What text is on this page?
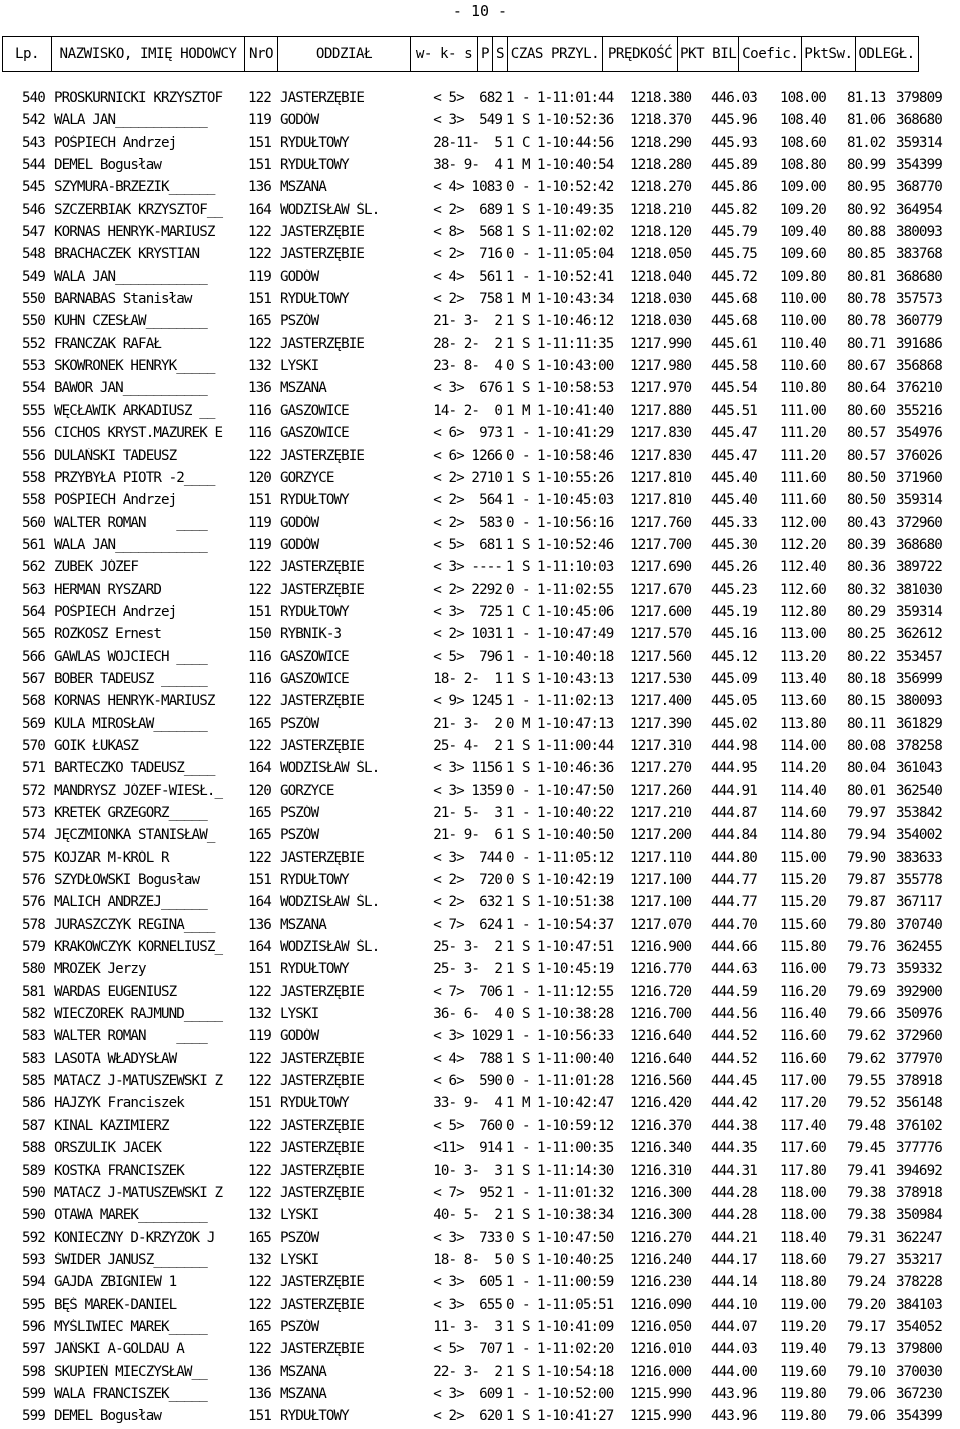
- 10 -
Lp.	NAZWISKO, IMIĘ HODOWCY	NrO	ODDZIAŁ	w- k- s	P	S	CZAS PRZYL.	PRĘDKOŚĆ	PKT BIL	Coefic.	PktSw.	ODLEGŁ.
540 PROSKURNICKI KRZYSZTOF	122 JASTERZĘBIE	< 5>  682 1 - 1-11:01:44 1218.380 446.03 108.00 81.13 379809
542 WALA JAN____________	119 GODÓW	< 3>  549 1 S 1-10:52:36 1218.370 445.96 108.40 81.06 368680
543 POŚPIECH Andrzej	151 RYDUŁTOWY	28-11-  5 1 C 1-10:44:56 1218.290 445.93 108.60 81.02 359314
544 DEMEL Bogusław	151 RYDUŁTOWY	38- 9-  4 1 M 1-10:40:54 1218.280 445.89 108.80 80.99 354399
545 SZYMURA-BRZEZIK______	136 MSZANA	< 4> 1083 0 - 1-10:52:42 1218.270 445.86 109.00 80.95 368770
546 SZCZERBIAK KRZYSZTOF__	164 WODZISŁAW ŚL.	< 2>  689 1 S 1-10:49:35 1218.210 445.82 109.20 80.92 364954
547 KORNAS HENRYK-MARIUSZ	122 JASTERZĘBIE	< 8>  568 1 S 1-11:02:02 1218.120 445.79 109.40 80.88 380093
548 BRACHACZEK KRYSTIAN	122 JASTERZĘBIE	< 2>  716 0 - 1-11:05:04 1218.050 445.75 109.60 80.85 383768
549 WALA JAN____________	119 GODÓW	< 4>  561 1 - 1-10:52:41 1218.040 445.72 109.80 80.81 368680
550 BARNABAS Stanisław	151 RYDUŁTOWY	< 2>  758 1 M 1-10:43:34 1218.030 445.68 110.00 80.78 357573
550 KUHN CZESŁAW________	165 PSZÓW	21- 3-  2 1 S 1-10:46:12 1218.030 445.68 110.00 80.78 360779
552 FRANCZAK RAFAŁ	122 JASTERZĘBIE	28- 2-  2 1 S 1-11:11:35 1217.990 445.61 110.40 80.71 391686
553 SKOWRONEK HENRYK_____	132 LYSKI	23- 8-  4 0 S 1-10:43:00 1217.980 445.58 110.60 80.67 356868
554 BAWOR JAN___________	136 MSZANA	< 3>  676 1 S 1-10:58:53 1217.970 445.54 110.80 80.64 376210
555 WĘCŁAWIK ARKADIUSZ __	116 GASZOWICE	14- 2-  0 1 M 1-10:41:40 1217.880 445.51 111.00 80.60 355216
556 CICHOS KRYST.MAZUREK E	116 GASZOWICE	< 6>  973 1 - 1-10:41:29 1217.830 445.47 111.20 80.57 354976
556 DULAŃSKI TADEUSZ	122 JASTERZĘBIE	< 6> 1266 0 - 1-10:58:46 1217.830 445.47 111.20 80.57 376026
558 PRZYBYŁA PIOTR -2____	120 GORZYCE	< 2> 2710 1 S 1-10:55:26 1217.810 445.40 111.60 80.50 371960
558 POŚPIECH Andrzej	151 RYDUŁTOWY	< 2>  564 1 - 1-10:45:03 1217.810 445.40 111.60 80.50 359314
560 WALTER ROMAN    ____	119 GODÓW	< 2>  583 0 - 1-10:56:16 1217.760 445.33 112.00 80.43 372960
561 WALA JAN____________	119 GODÓW	< 5>  681 1 S 1-10:52:46 1217.700 445.30 112.20 80.39 368680
562 ZUBEK JÓZEF	122 JASTERZĘBIE	< 3> ---- 1 S 1-11:10:03 1217.690 445.26 112.40 80.36 389722
563 HERMAN RYSZARD	122 JASTERZĘBIE	< 2> 2292 0 - 1-11:02:55 1217.670 445.23 112.60 80.32 381030
564 POŚPIECH Andrzej	151 RYDUŁTOWY	< 3>  725 1 C 1-10:45:06 1217.600 445.19 112.80 80.29 359314
565 ROZKOSZ Ernest	150 RYBNIK-3	< 2> 1031 1 - 1-10:47:49 1217.570 445.16 113.00 80.25 362612
566 GAWLAS WOJCIECH ____	116 GASZOWICE	< 5>  796 1 - 1-10:40:18 1217.560 445.12 113.20 80.22 353457
567 BOBER TADEUSZ ______	116 GASZOWICE	18- 2-  1 1 S 1-10:43:13 1217.530 445.09 113.40 80.18 356999
568 KORNAS HENRYK-MARIUSZ	122 JASTERZĘBIE	< 9> 1245 1 - 1-11:02:13 1217.400 445.05 113.60 80.15 380093
569 KULA MIROSŁAW_______	165 PSZÓW	21- 3-  2 0 M 1-10:47:13 1217.390 445.02 113.80 80.11 361829
570 GOIK ŁUKASZ	122 JASTERZĘBIE	25- 4-  2 1 S 1-11:00:44 1217.310 444.98 114.00 80.08 378258
571 BARTECZKO TADEUSZ____	164 WODZISŁAW ŚL.	< 3> 1156 1 S 1-10:46:36 1217.270 444.95 114.20 80.04 361043
572 MANDRYSZ JÓZEF-WIESŁ._	120 GORZYCE	< 3> 1359 0 - 1-10:47:50 1217.260 444.91 114.40 80.01 362540
573 KRETEK GRZEGORZ_____	165 PSZÓW	21- 5-  3 1 - 1-10:40:22 1217.210 444.87 114.60 79.97 353842
574 JĘCZMIONKA STANISŁAW_	165 PSZÓW	21- 9-  6 1 S 1-10:40:50 1217.200 444.84 114.80 79.94 354002
575 KOJZAR M-KRÓL R	122 JASTERZĘBIE	< 3>  744 0 - 1-11:05:12 1217.110 444.80 115.00 79.90 383633
576 SZYDŁOWSKI Bogusław	151 RYDUŁTOWY	< 2>  720 0 S 1-10:42:19 1217.100 444.77 115.20 79.87 355778
576 MALICH ANDRZEJ______	164 WODZISŁAW ŚL.	< 2>  632 1 S 1-10:51:38 1217.100 444.77 115.20 79.87 367117
578 JURASZCZYK REGINA____	136 MSZANA	< 7>  624 1 - 1-10:54:37 1217.070 444.70 115.60 79.80 370740
579 KRAKOWCZYK KORNELIUSZ_	164 WODZISŁAW ŚL.	25- 3-  2 1 S 1-10:47:51 1216.900 444.66 115.80 79.76 362455
580 MROZEK Jerzy	151 RYDUŁTOWY	25- 3-  2 1 S 1-10:45:19 1216.770 444.63 116.00 79.73 359332
581 WARDAS EUGENIUSZ	122 JASTERZĘBIE	< 7>  706 1 - 1-11:12:55 1216.720 444.59 116.20 79.69 392900
582 WIECZOREK RAJMUND_____	132 LYSKI	36- 6-  4 0 S 1-10:38:28 1216.700 444.56 116.40 79.66 350976
583 WALTER ROMAN    ____	119 GODÓW	< 3> 1029 1 - 1-10:56:33 1216.640 444.52 116.60 79.62 372960
583 LASOTA WŁADYSŁAW	122 JASTERZĘBIE	< 4>  788 1 S 1-11:00:40 1216.640 444.52 116.60 79.62 377970
585 MATACZ J-MATUSZEWSKI Z	122 JASTERZĘBIE	< 6>  590 0 - 1-11:01:28 1216.560 444.45 117.00 79.55 378918
586 HAJZYK Franciszek	151 RYDUŁTOWY	33- 9-  4 1 M 1-10:42:47 1216.420 444.42 117.20 79.52 356148
587 KINAL KAZIMIERZ	122 JASTERZĘBIE	< 5>  760 0 - 1-10:59:12 1216.370 444.38 117.40 79.48 376102
588 ORSZULIK JACEK	122 JASTERZĘBIE	<11>  914 1 - 1-11:00:35 1216.340 444.35 117.60 79.45 377776
589 KOSTKA FRANCISZEK	122 JASTERZĘBIE	10- 3-  3 1 S 1-11:14:30 1216.310 444.31 117.80 79.41 394692
590 MATACZ J-MATUSZEWSKI Z	122 JASTERZĘBIE	< 7>  952 1 - 1-11:01:32 1216.300 444.28 118.00 79.38 378918
590 OTAWA MAREK_________	132 LYSKI	40- 5-  2 1 S 1-10:38:34 1216.300 444.28 118.00 79.38 350984
592 KONIECZNY D-KRZYŻOK J	165 PSZÓW	< 3>  733 0 S 1-10:47:50 1216.270 444.21 118.40 79.31 362247
593 ŚWIDER JANUSZ_______	132 LYSKI	18- 8-  5 0 S 1-10:40:25 1216.240 444.17 118.60 79.27 353217
594 GAJDA ZBIGNIEW 1	122 JASTERZĘBIE	< 3>  605 1 - 1-11:00:59 1216.230 444.14 118.80 79.24 378228
595 BĘŚ MAREK-DANIEL	122 JASTERZĘBIE	< 3>  655 0 - 1-11:05:51 1216.090 444.10 119.00 79.20 384103
596 MYŚLIWIEC MAREK_____	165 PSZÓW	11- 3-  3 1 S 1-10:41:09 1216.050 444.07 119.20 79.17 354052
597 JAŃSKI A-GOLDAU A	122 JASTERZĘBIE	< 5>  707 1 - 1-11:02:20 1216.010 444.03 119.40 79.13 379800
598 SKUPIEŃ MIECZYSŁAW__	136 MSZANA	22- 3-  2 1 S 1-10:54:18 1216.000 444.00 119.60 79.10 370030
599 WALA FRANCISZEK_____	136 MSZANA	< 3>  609 1 - 1-10:52:00 1215.990 443.96 119.80 79.06 367230
599 DEMEL Bogusław	151 RYDUŁTOWY	< 2>  620 1 S 1-10:41:27 1215.990 443.96 119.80 79.06 354399
